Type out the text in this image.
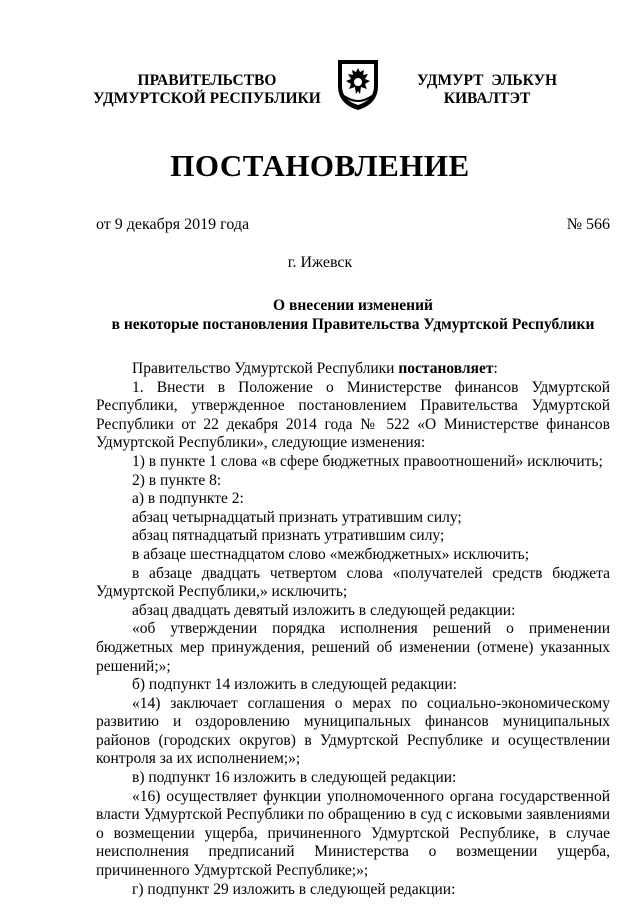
ПРАВИТЕЛЬСТВО
УДМУРТСКОЙ РЕСПУБЛИКИ
УДМУРТ ЭЛЬКУН
КИВАЛТЭТ
ПОСТАНОВЛЕНИЕ
от 9 декабря 2019 года	№ 566
г. Ижевск
О внесении изменений
в некоторые постановления Правительства Удмуртской Республики

Правительство Удмуртской Республики постановляет:

1. Внести в Положение о Министерстве финансов Удмуртской Республики, утвержденное постановлением Правительства Удмуртской Республики от 22 декабря 2014 года № 522 «О Министерстве финансов Удмуртской Республики», следующие изменения:

1) в пункте 1 слова «в сфере бюджетных правоотношений» исключить;

2) в пункте 8:

а) в подпункте 2:

абзац четырнадцатый признать утратившим силу;

абзац пятнадцатый признать утратившим силу;

в абзаце шестнадцатом слово «межбюджетных» исключить;

в абзаце двадцать четвертом слова «получателей средств бюджета Удмуртской Республики,» исключить;

абзац двадцать девятый изложить в следующей редакции:

«об утверждении порядка исполнения решений о применении бюджетных мер принуждения, решений об изменении (отмене) указанных решений;»;

б) подпункт 14 изложить в следующей редакции:

«14) заключает соглашения о мерах по социально-экономическому развитию и оздоровлению муниципальных финансов муниципальных районов (городских округов) в Удмуртской Республике и осуществлении контроля за их исполнением;»;

в) подпункт 16 изложить в следующей редакции:

«16) осуществляет функции уполномоченного органа государственной власти Удмуртской Республики по обращению в суд с исковыми заявлениями о возмещении ущерба, причиненного Удмуртской Республике, в случае неисполнения предписаний Министерства о возмещении ущерба, причиненного Удмуртской Республике;»;

г) подпункт 29 изложить в следующей редакции:
